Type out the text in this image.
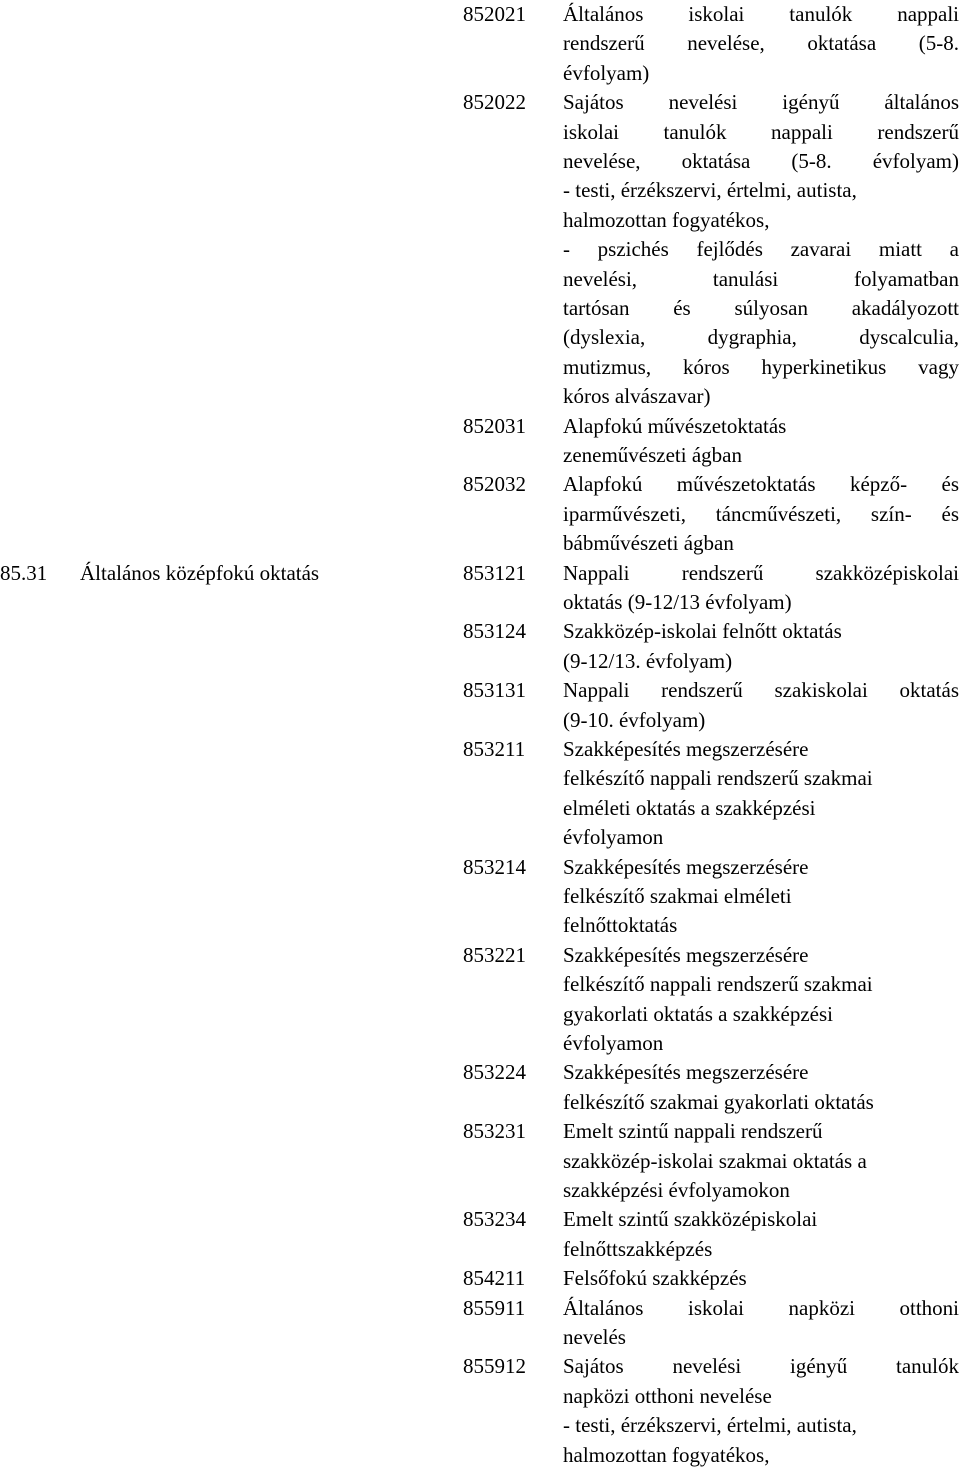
852021 Általános iskolai tanulók nappali
rendszerű nevelése, oktatása (5-8.
évfolyam)
852022 Sajátos nevelési igényű általános
iskolai tanulók nappali rendszerű
nevelése, oktatása (5-8. évfolyam)
- testi, érzékszervi, értelmi, autista,
halmozottan fogyatékos,
- pszichés fejlődés zavarai miatt a
nevelési, tanulási folyamatban
tartósan és súlyosan akadályozott
(dyslexia, dygraphia, dyscalculia,
mutizmus, kóros hyperkinetikus vagy
kóros alvászavar)
852031 Alapfokú művészetoktatás
zeneművészeti ágban
852032 Alapfokú művészetoktatás képző- és
iparművészeti, táncművészeti, szín- és
bábművészeti ágban
85.31 Általános középfokú oktatás	853121 Nappali rendszerű szakközépiskolai
oktatás (9-12/13 évfolyam)
853124 Szakközép-iskolai felnőtt oktatás
(9-12/13. évfolyam)
853131 Nappali rendszerű szakiskolai oktatás
(9-10. évfolyam)
853211 Szakképesítés megszerzésére
felkészítő nappali rendszerű szakmai
elméleti oktatás a szakképzési
évfolyamon
853214 Szakképesítés megszerzésére
felkészítő szakmai elméleti
felnőttoktatás
853221 Szakképesítés megszerzésére
felkészítő nappali rendszerű szakmai
gyakorlati oktatás a szakképzési
évfolyamon
853224 Szakképesítés megszerzésére
felkészítő szakmai gyakorlati oktatás
853231 Emelt szintű nappali rendszerű
szakközép-iskolai szakmai oktatás a
szakképzési évfolyamokon
853234 Emelt szintű szakközépiskolai
felnőttszakképzés
854211 Felsőfokú szakképzés
855911 Általános iskolai napközi otthoni
nevelés
855912 Sajátos nevelési igényű tanulók
napközi otthoni nevelése
- testi, érzékszervi, értelmi, autista,
halmozottan fogyatékos,
